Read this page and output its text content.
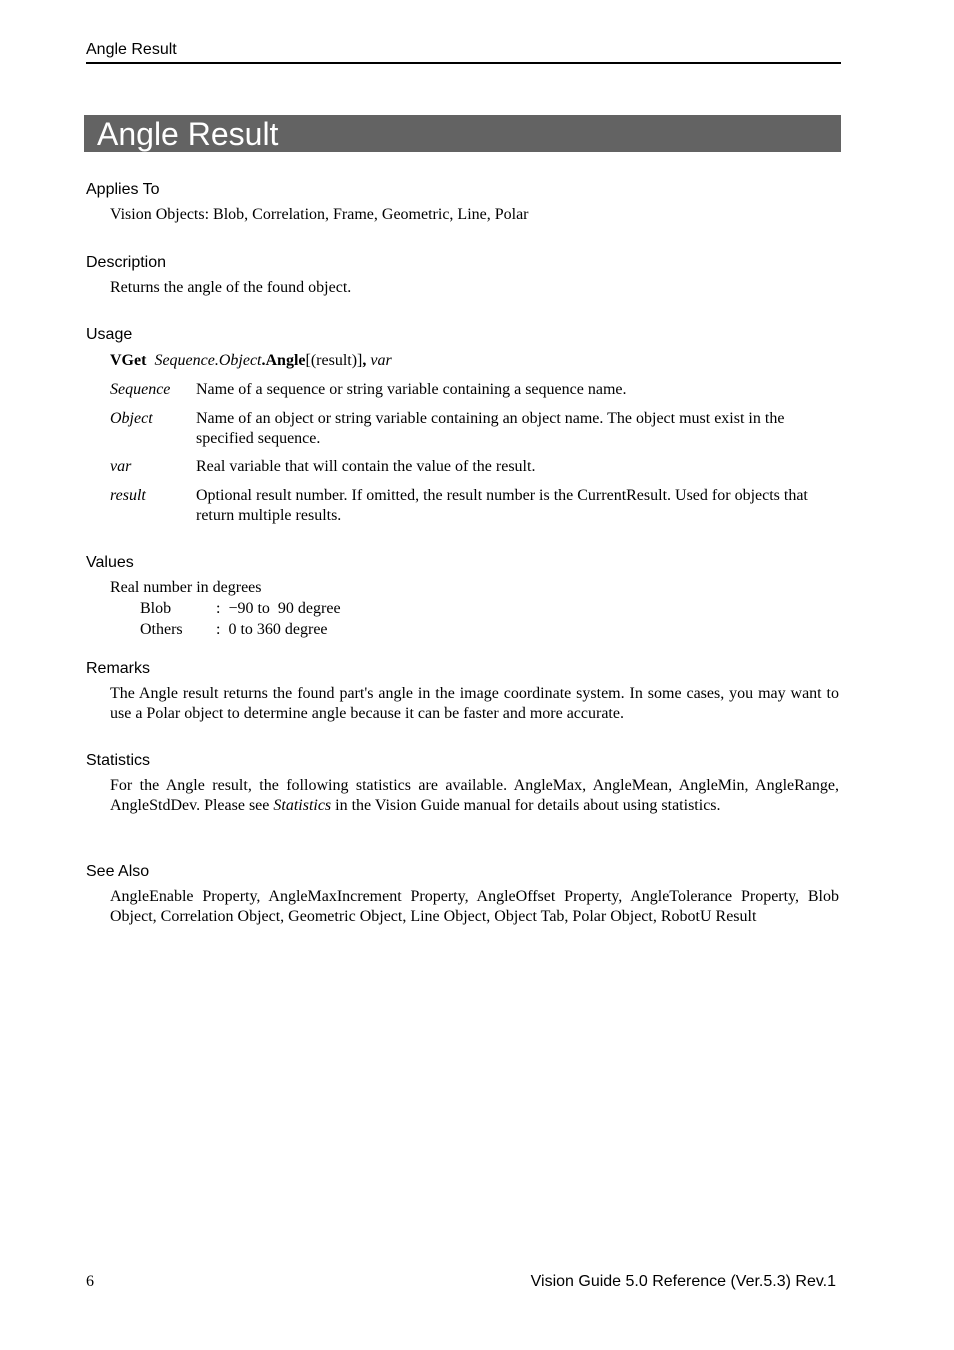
Angle Result
Angle Result
Applies To

Vision Objects: Blob, Correlation, Frame, Geometric, Line, Polar

Description

Returns the angle of the found object.

Usage

VGet Sequence.Object.Angle[(result)], var

Sequence Name of a sequence or string variable containing a sequence name.
Object	Name of an object or string variable containing an object name. The object must exist in the specified sequence.
var	Real variable that will contain the value of the result.
result	Optional result number. If omitted, the result number is the CurrentResult. Used for objects that return multiple results.
Values

Real number in degrees

Blob	:  −90 to  90 degree
Others :  0 to 360 degree
Remarks

The Angle result returns the found part's angle in the image coordinate system. In some cases, you may want to use a Polar object to determine angle because it can be faster and more accurate.

Statistics

For the Angle result, the following statistics are available. AngleMax, AngleMean, AngleMin, AngleRange, AngleStdDev. Please see Statistics in the Vision Guide manual for details about using statistics.

See Also

AngleEnable Property, AngleMaxIncrement Property, AngleOffset Property, AngleTolerance Property, Blob Object, Correlation Object, Geometric Object, Line Object, Object Tab, Polar Object, RobotU Result

6	Vision Guide 5.0 Reference (Ver.5.3) Rev.1
